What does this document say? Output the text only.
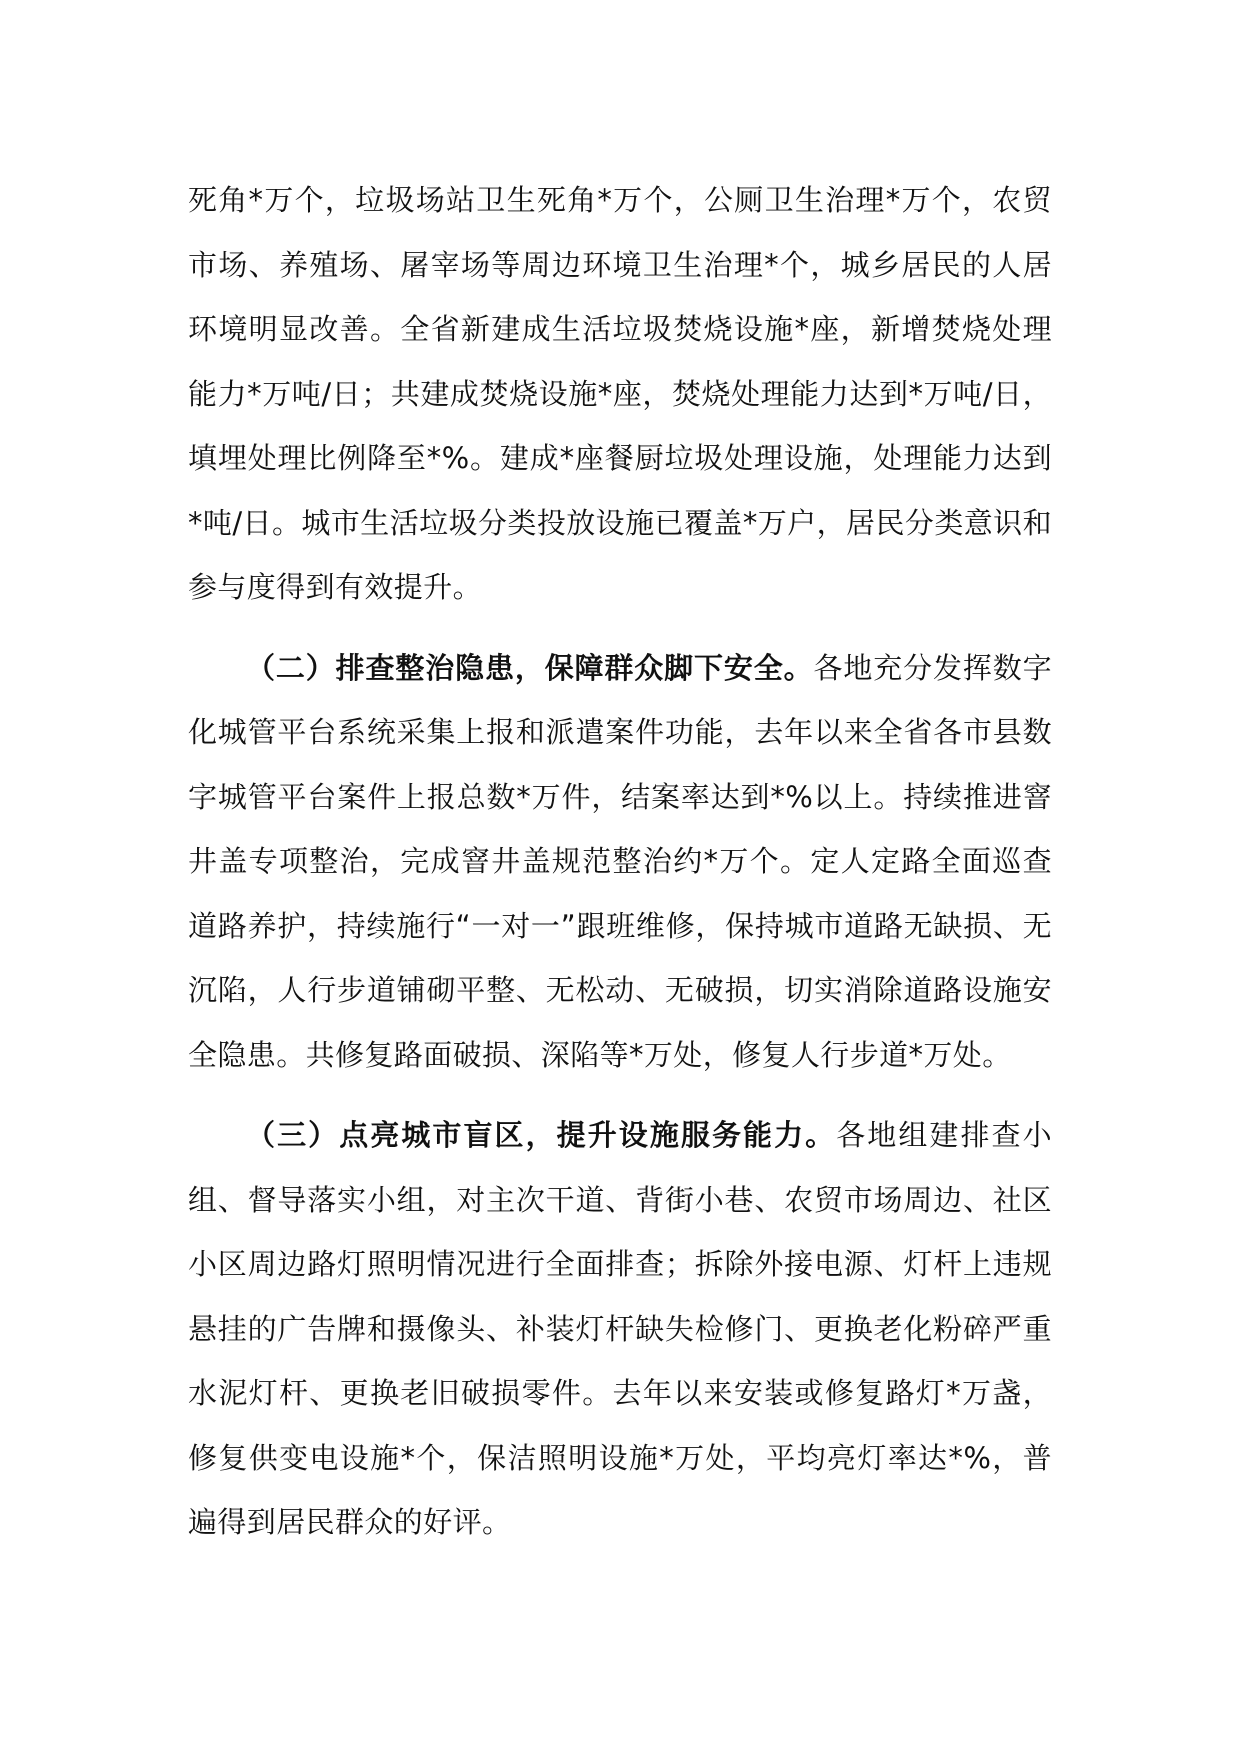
死角*万个，垃圾场站卫生死角*万个，公厕卫生治理*万个，农贸市场、养殖场、屠宰场等周边环境卫生治理*个，城乡居民的人居环境明显改善。全省新建成生活垃圾焚烧设施*座，新增焚烧处理能力*万吨/日；共建成焚烧设施*座，焚烧处理能力达到*万吨/日，填埋处理比例降至*%。建成*座餐厨垃圾处理设施，处理能力达到*吨/日。城市生活垃圾分类投放设施已覆盖*万户，居民分类意识和参与度得到有效提升。

（二）排查整治隐患，保障群众脚下安全。各地充分发挥数字化城管平台系统采集上报和派遣案件功能，去年以来全省各市县数字城管平台案件上报总数*万件，结案率达到*%以上。持续推进窨井盖专项整治，完成窨井盖规范整治约*万个。定人定路全面巡查道路养护，持续施行“一对一”跟班维修，保持城市道路无缺损、无沉陷，人行步道铺砌平整、无松动、无破损，切实消除道路设施安全隐患。共修复路面破损、深陷等*万处，修复人行步道*万处。

（三）点亮城市盲区，提升设施服务能力。各地组建排查小组、督导落实小组，对主次干道、背街小巷、农贸市场周边、社区小区周边路灯照明情况进行全面排查；拆除外接电源、灯杆上违规悬挂的广告牌和摄像头、补装灯杆缺失检修门、更换老化粉碎严重水泥灯杆、更换老旧破损零件。去年以来安装或修复路灯*万盏，修复供变电设施*个，保洁照明设施*万处，平均亮灯率达*%，普遍得到居民群众的好评。
